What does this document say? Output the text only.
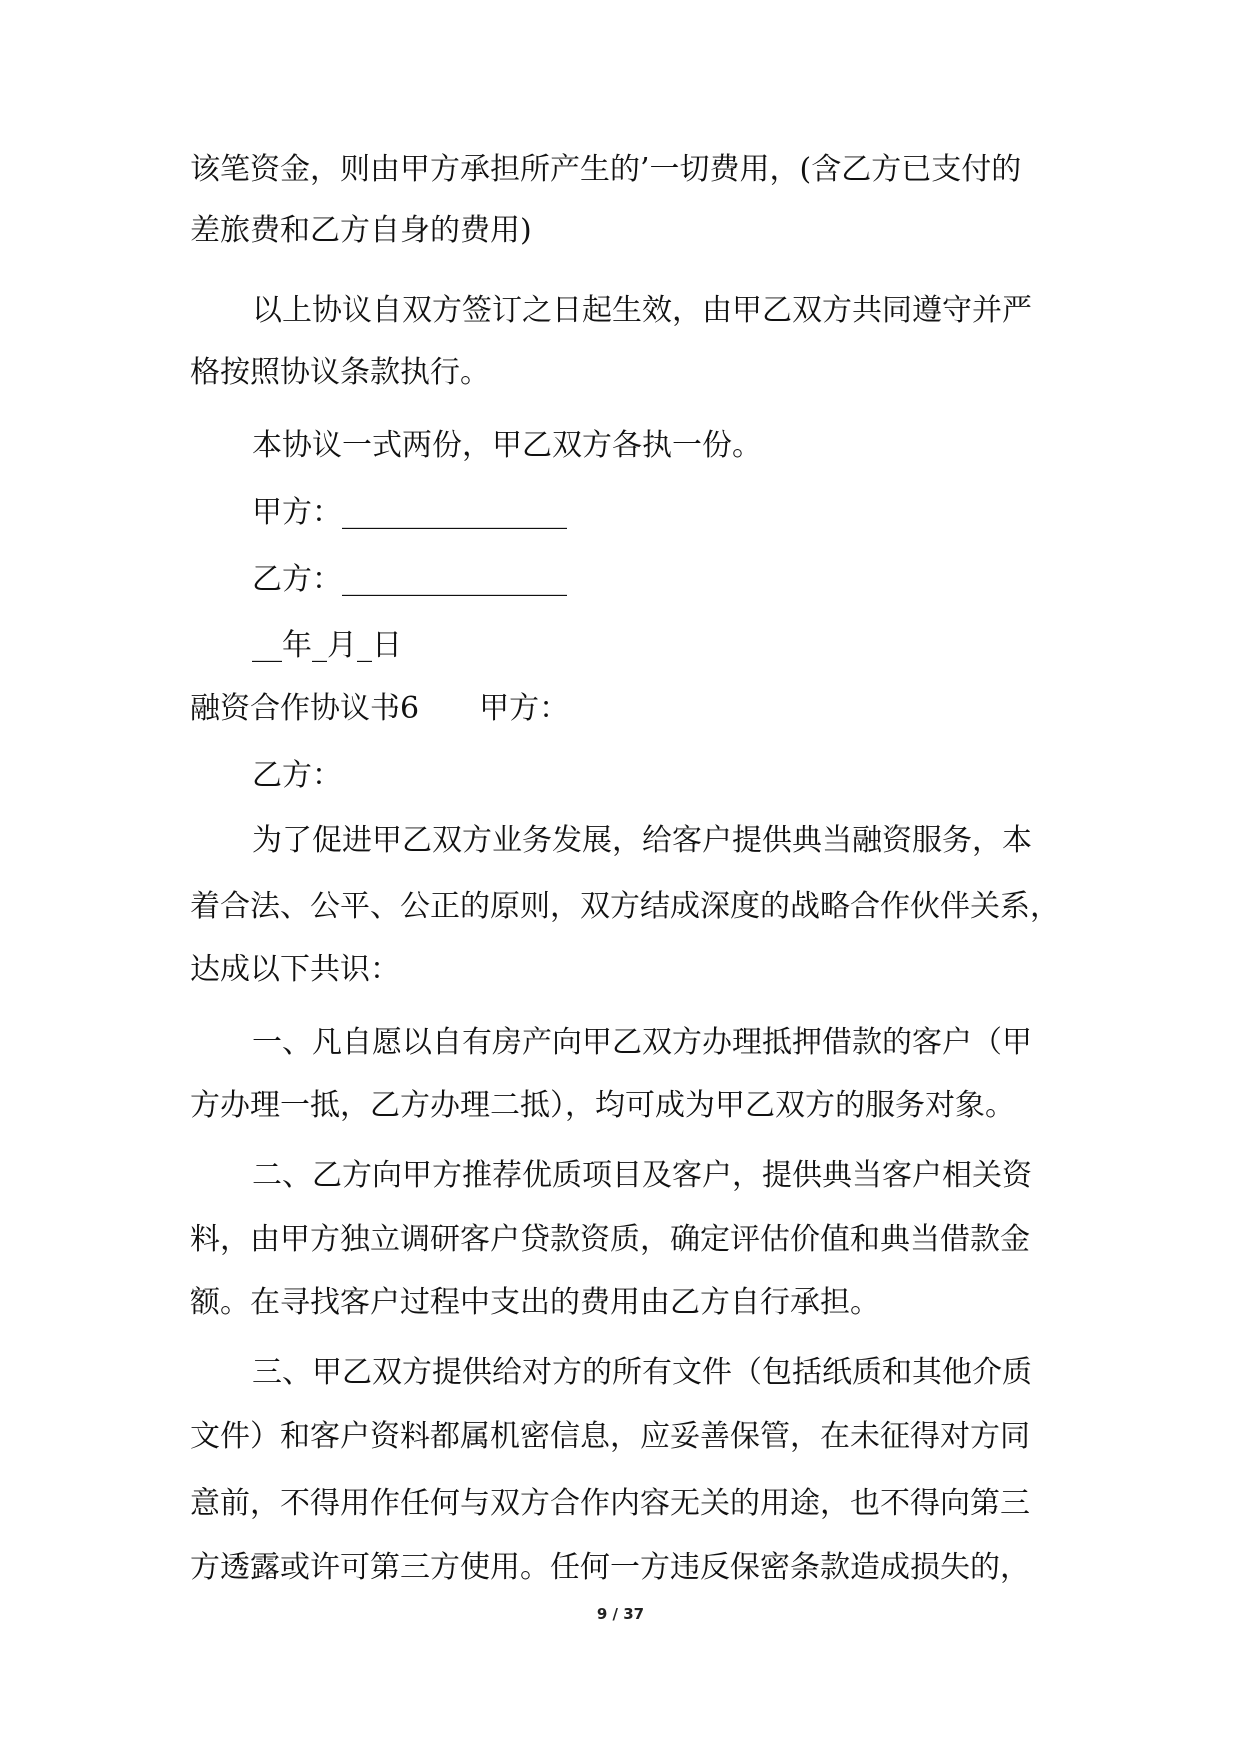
该笔资金，则由甲方承担所产生的’一切费用，(含乙方已支付的
差旅费和乙方自身的费用)
以上协议自双方签订之日起生效，由甲乙双方共同遵守并严
格按照协议条款执行。
本协议一式两份，甲乙双方各执一份。
甲方：_______________
乙方：_______________
__年_月_日
融资合作协议书6　　甲方：
乙方：
为了促进甲乙双方业务发展，给客户提供典当融资服务，本
着合法、公平、公正的原则，双方结成深度的战略合作伙伴关系，
达成以下共识：
一、凡自愿以自有房产向甲乙双方办理抵押借款的客户（甲
方办理一抵，乙方办理二抵），均可成为甲乙双方的服务对象。
二、乙方向甲方推荐优质项目及客户，提供典当客户相关资
料，由甲方独立调研客户贷款资质，确定评估价值和典当借款金
额。在寻找客户过程中支出的费用由乙方自行承担。
三、甲乙双方提供给对方的所有文件（包括纸质和其他介质
文件）和客户资料都属机密信息，应妥善保管，在未征得对方同
意前，不得用作任何与双方合作内容无关的用途，也不得向第三
方透露或许可第三方使用。任何一方违反保密条款造成损失的，
9 / 37
